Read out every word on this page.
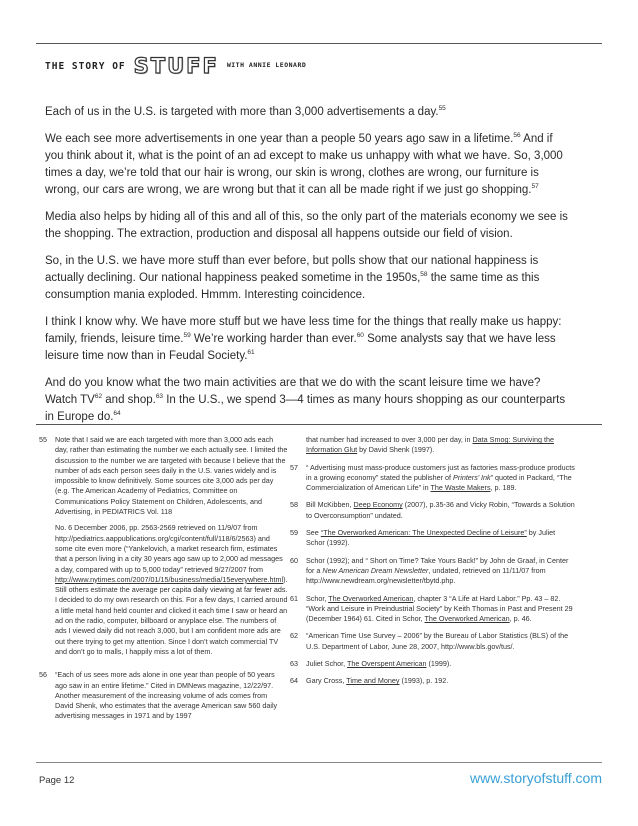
THE STORY OF STUFF WITH ANNIE LEONARD

Each of us in the U.S. is targeted with more than 3,000 advertisements a day.$^{55}$

We each see more advertisements in one year than a people 50 years ago saw in a lifetime.$^{56}$ And if you think about it, what is the point of an ad except to make us unhappy with what we have. So, 3,000 times a day, we’re told that our hair is wrong, our skin is wrong, clothes are wrong, our furniture is wrong, our cars are wrong, we are wrong but that it can all be made right if we just go shopping.$^{57}$

Media also helps by hiding all of this and all of this, so the only part of the materials economy we see is the shopping. The extraction, production and disposal all happens outside our field of vision.

So, in the U.S. we have more stuff than ever before, but polls show that our national happiness is actually declining. Our national happiness peaked sometime in the 1950s,$^{58}$ the same time as this consumption mania exploded. Hmmm. Interesting coincidence.

I think I know why. We have more stuff but we have less time for the things that really make us happy: family, friends, leisure time.$^{59}$ We’re working harder than ever.$^{60}$ Some analysts say that we have less leisure time now than in Feudal Society.$^{61}$

And do you know what the two main activities are that we do with the scant leisure time we have? Watch TV$^{62}$ and shop.$^{63}$ In the U.S., we spend 3—4 times as many hours shopping as our counterparts in Europe do.$^{64}$

55	Note that I said we are each targeted with more than 3,000 ads each day, rather than estimating the number we each actually see. I limited the discussion to the number we are targeted with because I believe that the number of ads each person sees daily in the U.S. varies widely and is impossible to know definitively. Some sources cite 3,000 ads per day (e.g. The American Academy of Pediatrics, Committee on Communications Policy Statement on Children, Adolescents, and Advertising, in PEDIATRICS Vol. 118
No. 6 December 2006, pp. 2563-2569 retrieved on 11/9/07 from http://pediatrics.aappublications.org/cgi/content/full/118/6/2563) and some cite even more (“Yankelovich, a market research firm, estimates that a person living in a city 30 years ago saw up to 2,000 ad messages a day, compared with up to 5,000 today” retrieved 9/27/2007 from http://www.nytimes.com/2007/01/15/business/media/15everywhere.html). Still others estimate the average per capita daily viewing at far fewer ads. I decided to do my own research on this. For a few days, I carried around a little metal hand held counter and clicked it each time I saw or heard an ad on the radio, computer, billboard or anyplace else. The numbers of ads I viewed daily did not reach 3,000, but I am confident more ads are out there trying to get my attention. Since I don’t watch commercial TV and don’t go to malls, I happily miss a lot of them.
56	“Each of us sees more ads alone in one year than people of 50 years ago saw in an entire lifetime.” Cited in DMNews magazine, 12/22/97. Another measurement of the increasing volume of ads comes from David Shenk, who estimates that the average American saw 560 daily advertising messages in 1971 and by 1997
that number had increased to over 3,000 per day, in Data Smog: Surviving the Information Glut by David Shenk (1997).
57	“ Advertising must mass-produce customers just as factories mass-produce products in a growing economy” stated the publisher of Printers’ Ink” quoted in Packard, “The Commercialization of American Life” in The Waste Makers, p. 189.
58	Bill McKibben, Deep Economy (2007), p.35-36 and Vicky Robin, “Towards a Solution to Overconsumption” undated.
59	See “The Overworked American: The Unexpected Decline of Leisure” by Juliet Schor (1992).
60	Schor (1992); and “ Short on Time? Take Yours Back!” by John de Graaf, in Center for a New American Dream Newsletter, undated, retrieved on 11/11/07 from http://www.newdream.org/newsletter/tbytd.php.
61	Schor, The Overworked American, chapter 3 “A Life at Hard Labor.” Pp. 43 – 82. “Work and Leisure in Preindustrial Society” by Keith Thomas in Past and Present 29 (December 1964) 61. Cited in Schor, The Overworked American, p. 46.
62	“American Time Use Survey – 2006” by the Bureau of Labor Statistics (BLS) of the U.S. Department of Labor, June 28, 2007, http://www.bls.gov/tus/.
63	Juliet Schor, The Overspent American (1999).
64	Gary Cross, Time and Money (1993), p. 192.
Page 12	www.storyofstuff.com
